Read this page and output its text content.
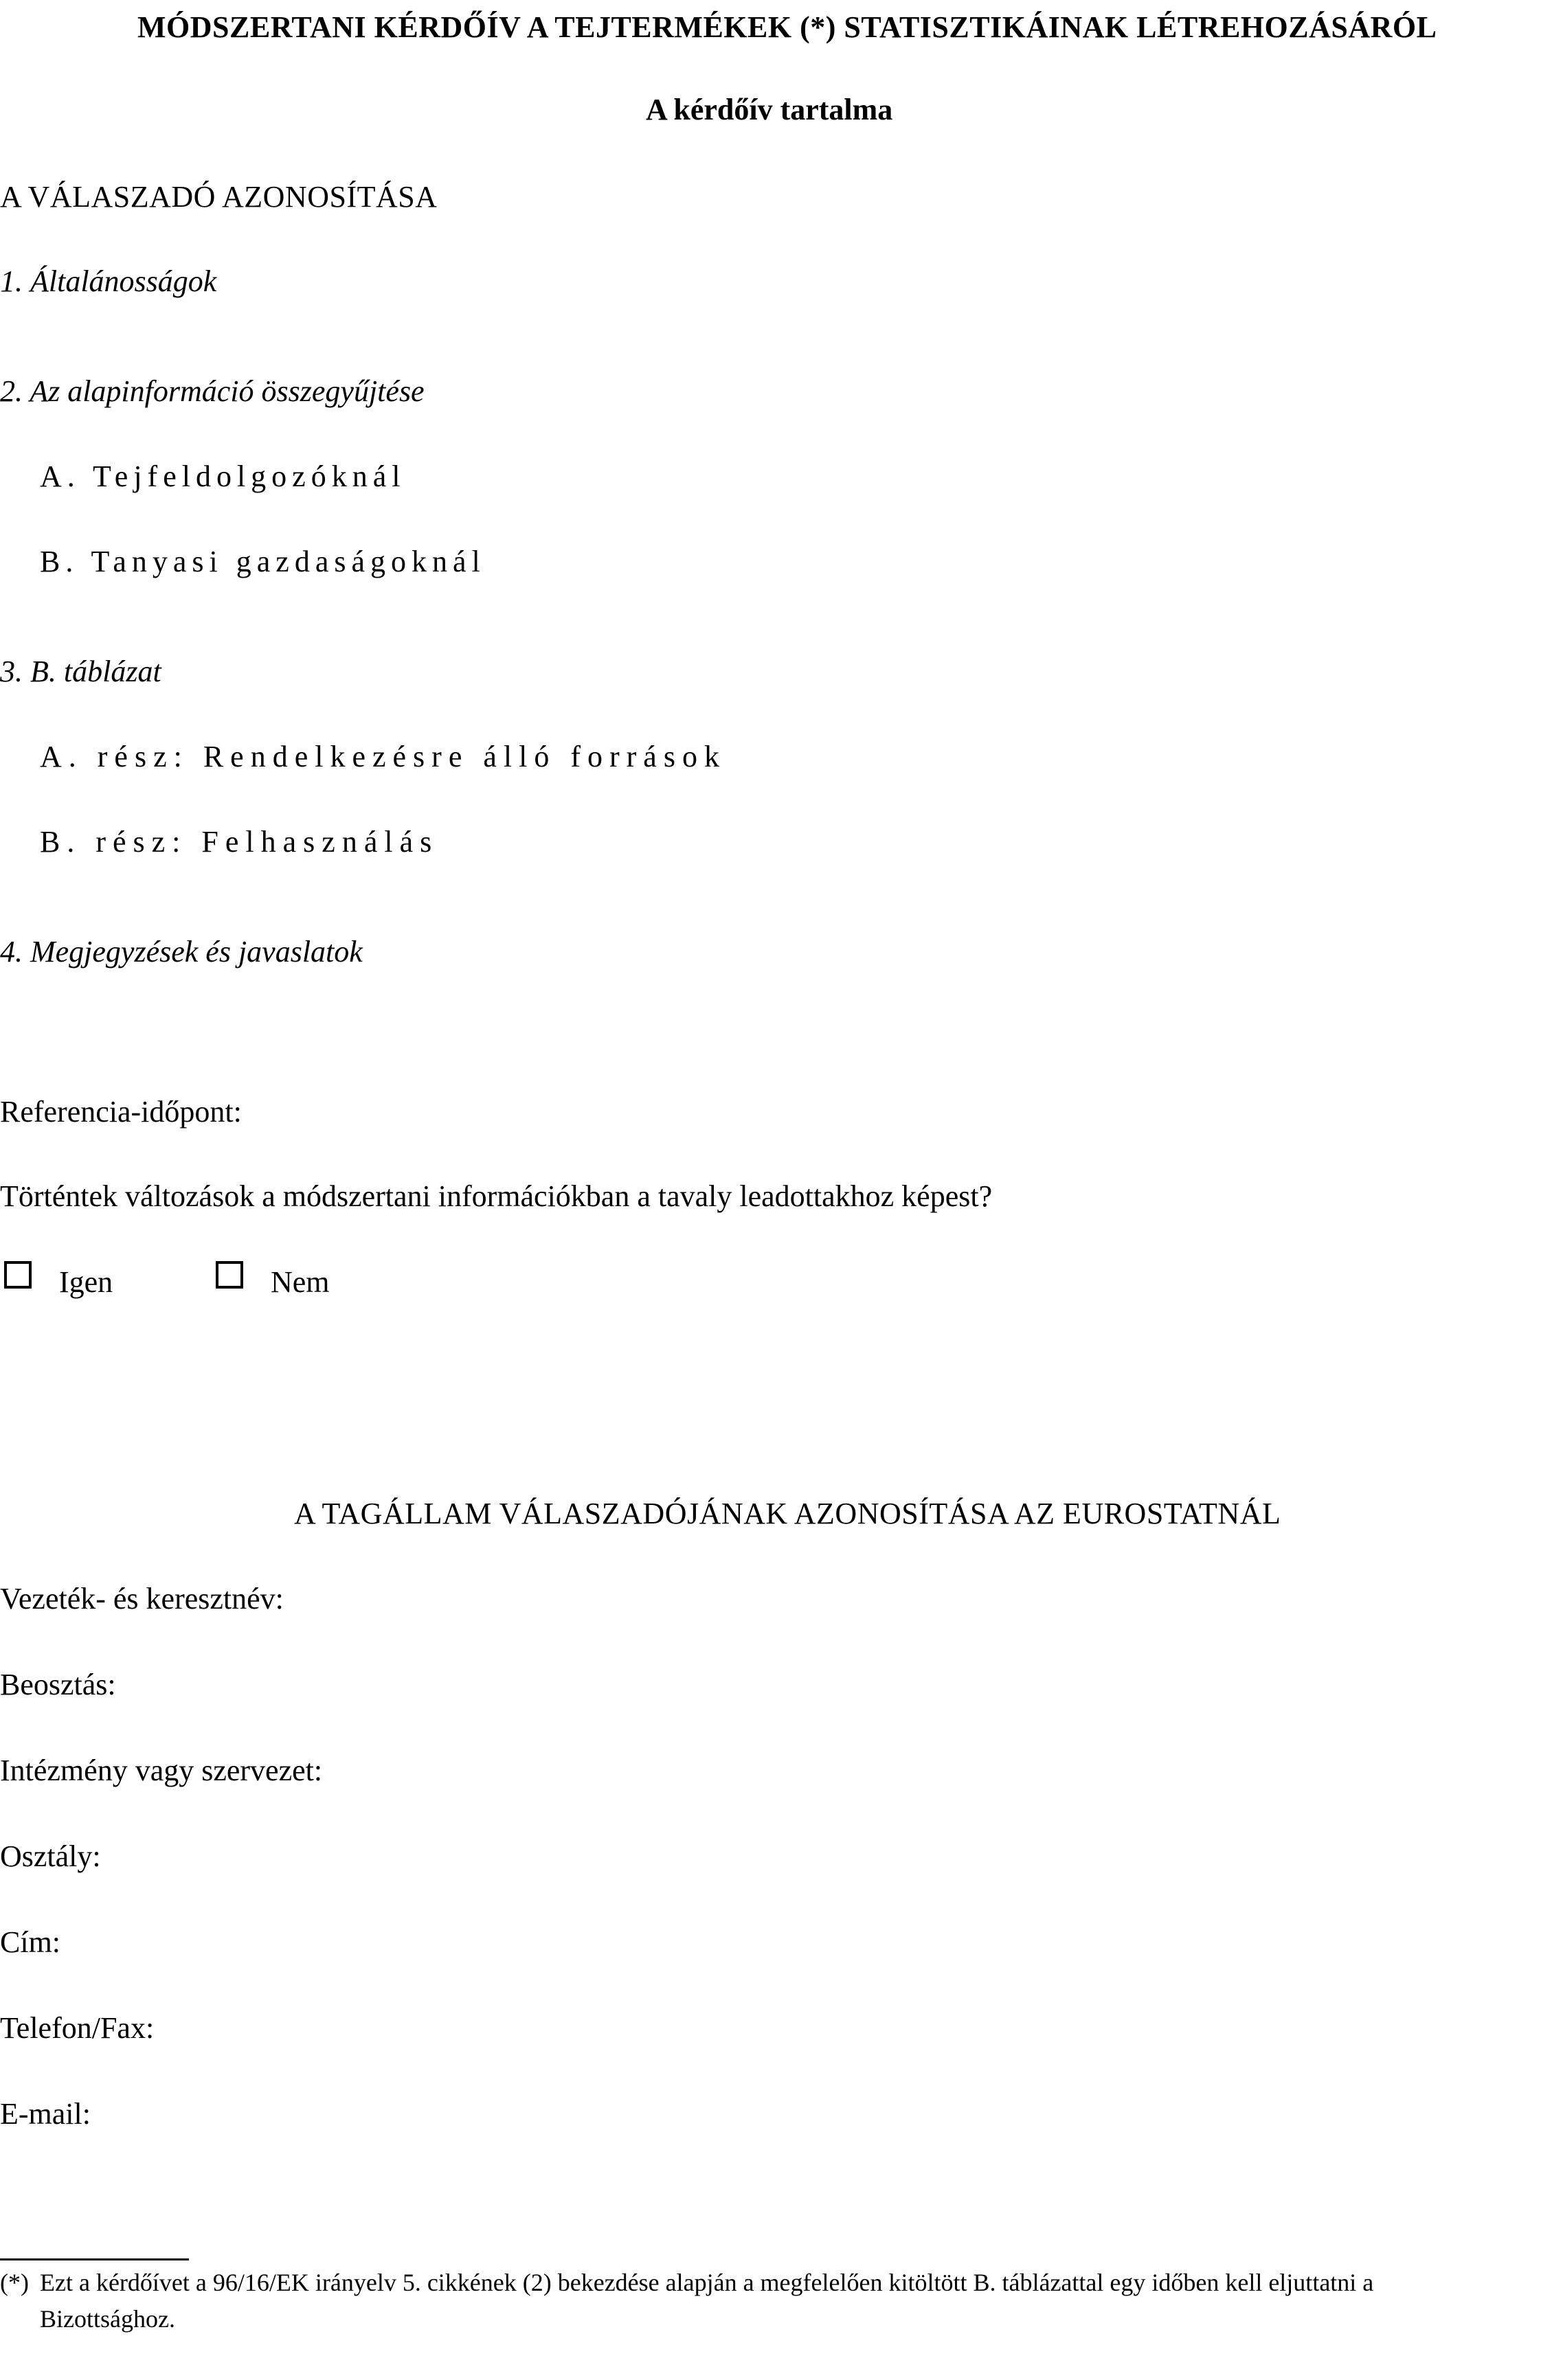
MÓDSZERTANI KÉRDŐÍV A TEJTERMÉKEK (*) STATISZTIKÁINAK LÉTREHOZÁSÁRÓL
A kérdőív tartalma
A VÁLASZADÓ AZONOSÍTÁSA
1. Általánosságok
2. Az alapinformáció összegyűjtése
A. Tejfeldolgozóknál
B. Tanyasi gazdaságoknál
3. B. táblázat
A. rész: Rendelkezésre álló források
B. rész: Felhasználás
4. Megjegyzések és javaslatok
Referencia-időpont:
Történtek változások a módszertani információkban a tavaly leadottakhoz képest?
Igen	Nem
A TAGÁLLAM VÁLASZADÓJÁNAK AZONOSÍTÁSA AZ EUROSTATNÁL
Vezeték- és keresztnév:
Beosztás:
Intézmény vagy szervezet:
Osztály:
Cím:
Telefon/Fax:
E-mail:
(*) Ezt a kérdőívet a 96/16/EK irányelv 5. cikkének (2) bekezdése alapján a megfelelően kitöltött B. táblázattal egy időben kell eljuttatni a
Bizottsághoz.
